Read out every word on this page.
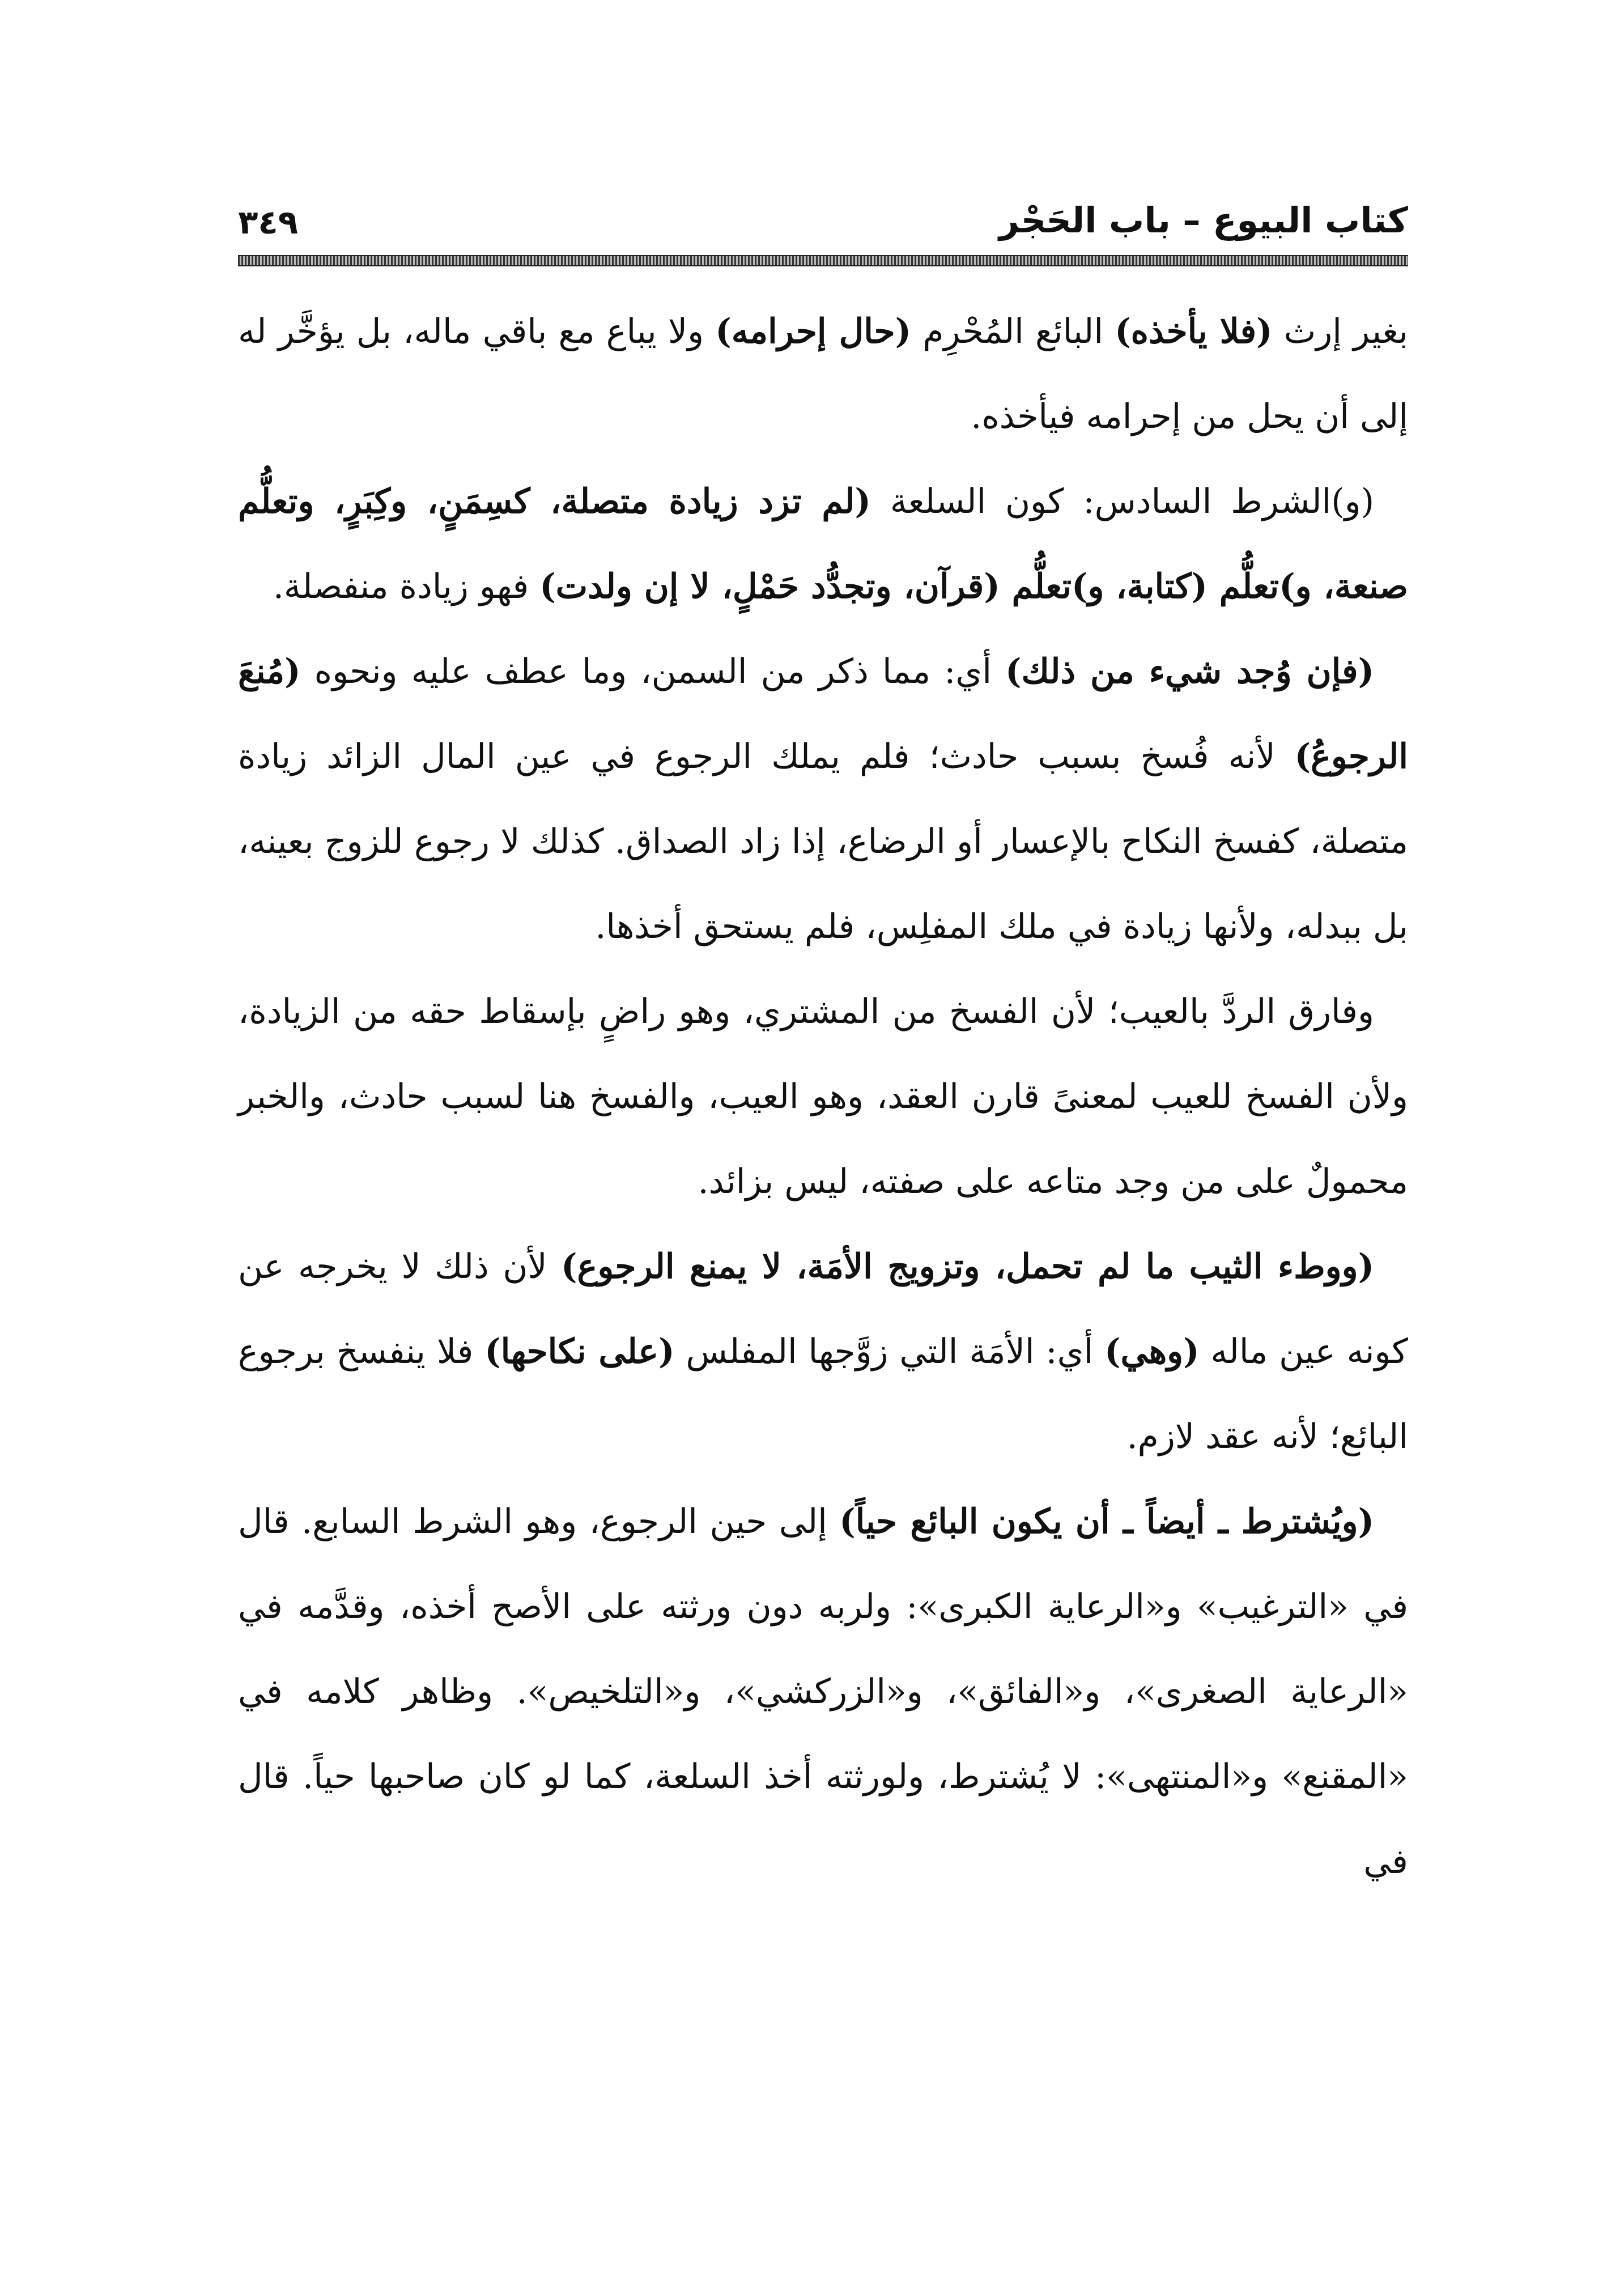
كتاب البيوع – باب الحَجْر
٣٤٩

بغير إرث (فلا يأخذه) البائع المُحْرِم (حال إحرامه) ولا يباع مع باقي ماله، بل يؤخَّر له إلى أن يحل من إحرامه فيأخذه.

(و)الشرط السادس: كون السلعة (لم تزد زيادة متصلة، كسِمَنٍ، وكِبَرٍ، وتعلُّم صنعة، و)تعلُّم (كتابة، و)تعلُّم (قرآن، وتجدُّد حَمْلٍ، لا إن ولدت) فهو زيادة منفصلة.

(فإن وُجد شيء من ذلك) أي: مما ذكر من السمن، وما عطف عليه ونحوه (مُنعَ الرجوعُ) لأنه فُسخ بسبب حادث؛ فلم يملك الرجوع في عين المال الزائد زيادة متصلة، كفسخ النكاح بالإعسار أو الرضاع، إذا زاد الصداق. كذلك لا رجوع للزوج بعينه، بل ببدله، ولأنها زيادة في ملك المفلِس، فلم يستحق أخذها.

وفارق الردَّ بالعيب؛ لأن الفسخ من المشتري، وهو راضٍ بإسقاط حقه من الزيادة، ولأن الفسخ للعيب لمعنىً قارن العقد، وهو العيب، والفسخ هنا لسبب حادث، والخبر محمولٌ على من وجد متاعه على صفته، ليس بزائد.

(ووطء الثيب ما لم تحمل، وتزويج الأمَة، لا يمنع الرجوع) لأن ذلك لا يخرجه عن كونه عين ماله (وهي) أي: الأمَة التي زوَّجها المفلس (على نكاحها) فلا ينفسخ برجوع البائع؛ لأنه عقد لازم.

(ويُشترط ـ أيضاً ـ أن يكون البائع حياً) إلى حين الرجوع، وهو الشرط السابع. قال في «الترغيب» و«الرعاية الكبرى»: ولربه دون ورثته على الأصح أخذه، وقدَّمه في «الرعاية الصغرى»، و«الفائق»، و«الزركشي»، و«التلخيص». وظاهر كلامه في «المقنع» و«المنتهى»: لا يُشترط، ولورثته أخذ السلعة، كما لو كان صاحبها حياً. قال في
